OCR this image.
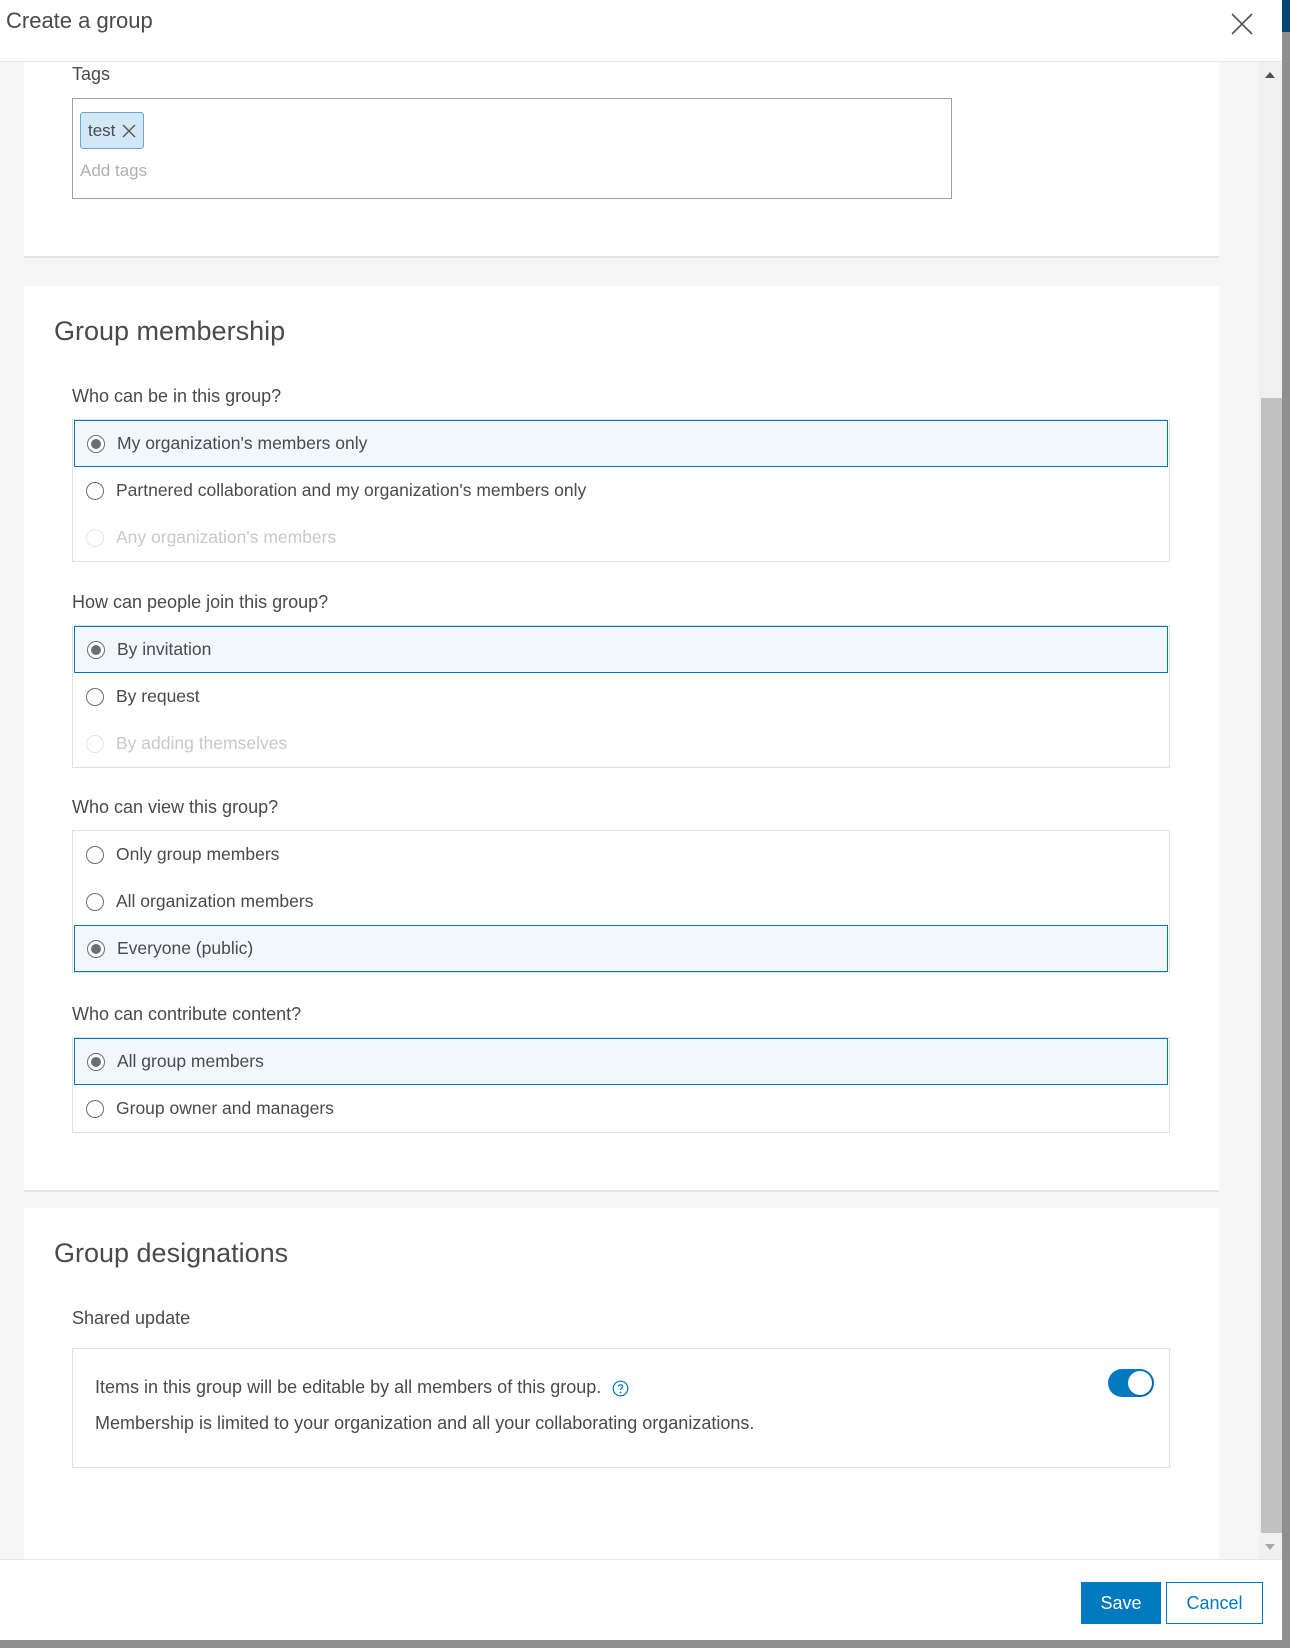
Create a group
Tags
test
Add tags
Group membership
Who can be in this group?
My organization's members only
Partnered collaboration and my organization's members only
Any organization's members
How can people join this group?
By invitation
By request
By adding themselves
Who can view this group?
Only group members
All organization members
Everyone (public)
Who can contribute content?
All group members
Group owner and managers
Group designations
Shared update
Items in this group will be editable by all members of this group.
Membership is limited to your organization and all your collaborating organizations.
Save	Cancel
